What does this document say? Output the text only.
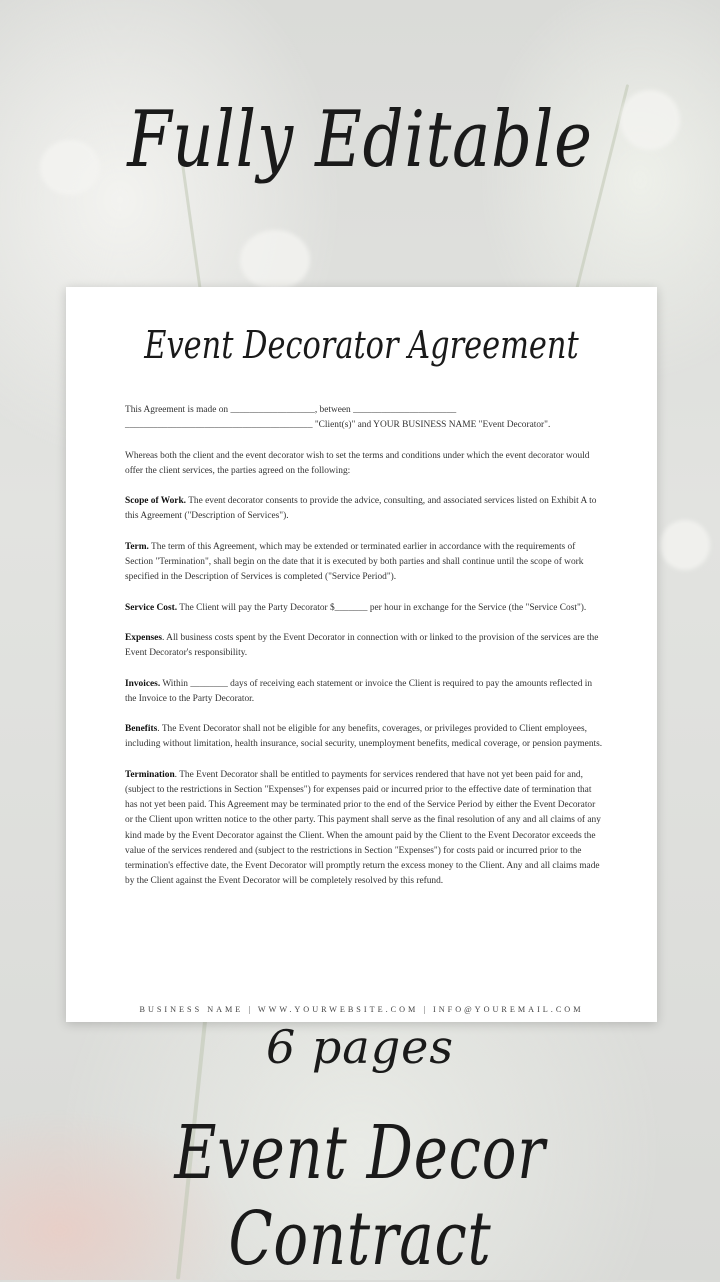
Fully Editable
Event Decorator Agreement

This Agreement is made on __________________, between ______________________
________________________________________ "Client(s)" and YOUR BUSINESS NAME "Event Decorator".

Whereas both the client and the event decorator wish to set the terms and conditions under which the event decorator would offer the client services, the parties agreed on the following:

Scope of Work. The event decorator consents to provide the advice, consulting, and associated services listed on Exhibit A to this Agreement ("Description of Services").

Term. The term of this Agreement, which may be extended or terminated earlier in accordance with the requirements of Section "Termination", shall begin on the date that it is executed by both parties and shall continue until the scope of work specified in the Description of Services is completed ("Service Period").

Service Cost. The Client will pay the Party Decorator $_______ per hour in exchange for the Service (the "Service Cost").

Expenses. All business costs spent by the Event Decorator in connection with or linked to the provision of the services are the Event Decorator's responsibility.

Invoices. Within ________ days of receiving each statement or invoice the Client is required to pay the amounts reflected in the Invoice to the Party Decorator.

Benefits. The Event Decorator shall not be eligible for any benefits, coverages, or privileges provided to Client employees, including without limitation, health insurance, social security, unemployment benefits, medical coverage, or pension payments.

Termination. The Event Decorator shall be entitled to payments for services rendered that have not yet been paid for and, (subject to the restrictions in Section "Expenses") for expenses paid or incurred prior to the effective date of termination that has not yet been paid. This Agreement may be terminated prior to the end of the Service Period by either the Event Decorator or the Client upon written notice to the other party. This payment shall serve as the final resolution of any and all claims of any kind made by the Event Decorator against the Client. When the amount paid by the Client to the Event Decorator exceeds the value of the services rendered and (subject to the restrictions in Section "Expenses") for costs paid or incurred prior to the termination's effective date, the Event Decorator will promptly return the excess money to the Client. Any and all claims made by the Client against the Event Decorator will be completely resolved by this refund.

BUSINESS NAME | WWW.YOURWEBSITE.COM | INFO@YOUREMAIL.COM
6 pages
Event Decor Contract
